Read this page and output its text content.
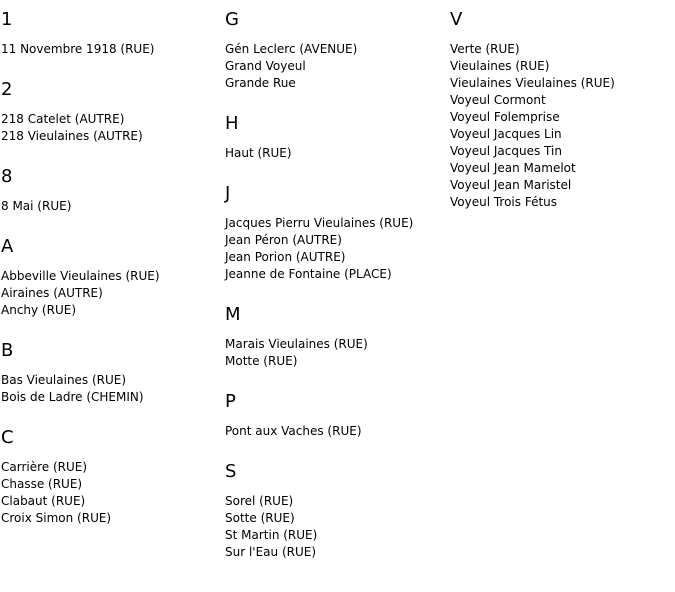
1
11 Novembre 1918 (RUE)
2
218 Catelet (AUTRE)
218 Vieulaines (AUTRE)
8
8 Mai (RUE)
A
Abbeville Vieulaines (RUE)
Airaines (AUTRE)
Anchy (RUE)
B
Bas Vieulaines (RUE)
Bois de Ladre (CHEMIN)
C
Carrière (RUE)
Chasse (RUE)
Clabaut (RUE)
Croix Simon (RUE)
G
Gén Leclerc (AVENUE)
Grand Voyeul
Grande Rue
H
Haut (RUE)
J
Jacques Pierru Vieulaines (RUE)
Jean Péron (AUTRE)
Jean Porion (AUTRE)
Jeanne de Fontaine (PLACE)
M
Marais Vieulaines (RUE)
Motte (RUE)
P
Pont aux Vaches (RUE)
S
Sorel (RUE)
Sotte (RUE)
St Martin (RUE)
Sur l'Eau (RUE)
V
Verte (RUE)
Vieulaines (RUE)
Vieulaines Vieulaines (RUE)
Voyeul Cormont
Voyeul Folemprise
Voyeul Jacques Lin
Voyeul Jacques Tin
Voyeul Jean Mamelot
Voyeul Jean Maristel
Voyeul Trois Fétus
